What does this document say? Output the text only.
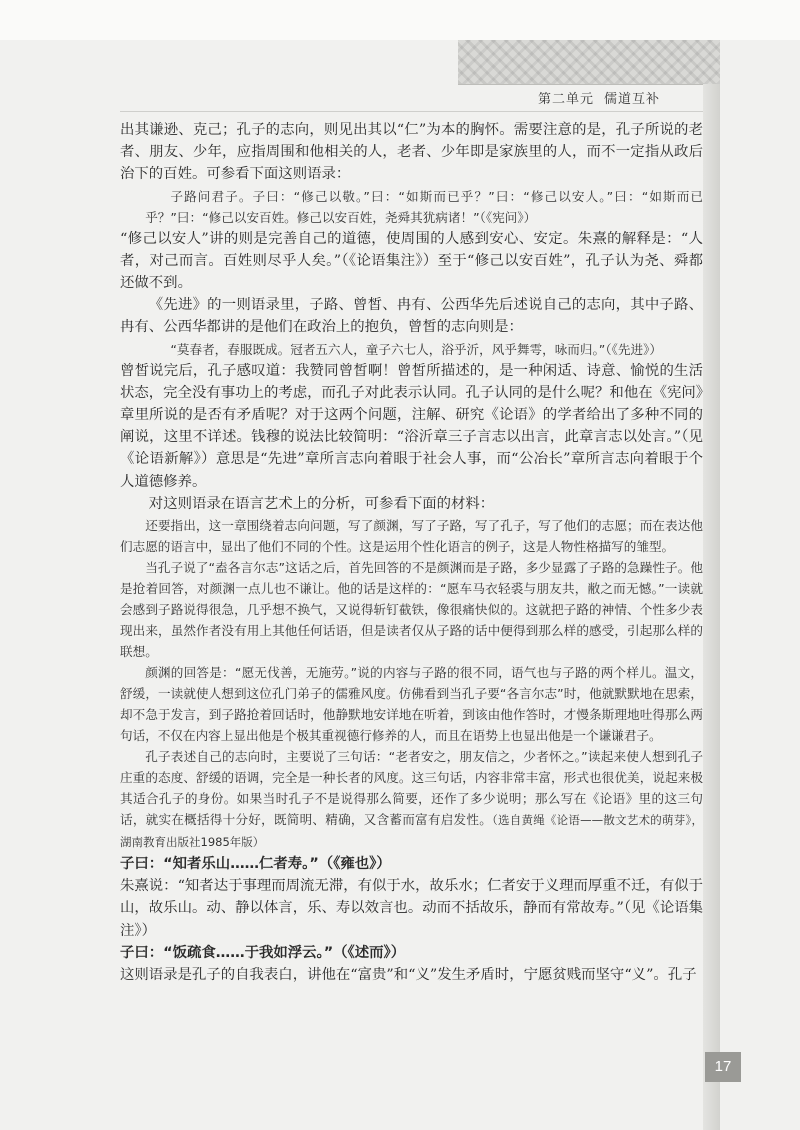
第二单元 儒道互补

出其谦逊、克己；孔子的志向，则见出其以“仁”为本的胸怀。需要注意的是，孔子所说的老者、朋友、少年，应指周围和他相关的人，老者、少年即是家族里的人，而不一定指从政后治下的百姓。可参看下面这则语录：

子路问君子。子曰：“修己以敬。”曰：“如斯而已乎？”曰：“修己以安人。”曰：“如斯而已乎？”曰：“修己以安百姓。修己以安百姓，尧舜其犹病诸！”（《宪问》）

“修己以安人”讲的则是完善自己的道德，使周围的人感到安心、安定。朱熹的解释是：“人者，对己而言。百姓则尽乎人矣。”（《论语集注》）至于“修己以安百姓”，孔子认为尧、舜都还做不到。

《先进》的一则语录里，子路、曾皙、冉有、公西华先后述说自己的志向，其中子路、冉有、公西华都讲的是他们在政治上的抱负，曾皙的志向则是：

“莫春者，春服既成。冠者五六人，童子六七人，浴乎沂，风乎舞雩，咏而归。”（《先进》）

曾皙说完后，孔子感叹道：我赞同曾皙啊！曾皙所描述的，是一种闲适、诗意、愉悦的生活状态，完全没有事功上的考虑，而孔子对此表示认同。孔子认同的是什么呢？和他在《宪问》章里所说的是否有矛盾呢？对于这两个问题，注解、研究《论语》的学者给出了多种不同的阐说，这里不详述。钱穆的说法比较简明：“浴沂章三子言志以出言，此章言志以处言。”（见《论语新解》）意思是“先进”章所言志向着眼于社会人事，而“公冶长”章所言志向着眼于个人道德修养。

对这则语录在语言艺术上的分析，可参看下面的材料：

还要指出，这一章围绕着志向问题，写了颜渊，写了子路，写了孔子，写了他们的志愿；而在表达他们志愿的语言中，显出了他们不同的个性。这是运用个性化语言的例子，这是人物性格描写的雏型。

当孔子说了“盍各言尔志”这话之后，首先回答的不是颜渊而是子路，多少显露了子路的急躁性子。他是抢着回答，对颜渊一点儿也不谦让。他的话是这样的：“愿车马衣轻裘与朋友共，敝之而无憾。”一读就会感到子路说得很急，几乎想不换气，又说得斩钉截铁，像很痛快似的。这就把子路的神情、个性多少表现出来，虽然作者没有用上其他任何话语，但是读者仅从子路的话中便得到那么样的感受，引起那么样的联想。

颜渊的回答是：“愿无伐善，无施劳。”说的内容与子路的很不同，语气也与子路的两个样儿。温文，舒缓，一读就使人想到这位孔门弟子的儒雅风度。仿佛看到当孔子要“各言尔志”时，他就默默地在思索，却不急于发言，到子路抢着回话时，他静默地安详地在听着，到该由他作答时，才慢条斯理地吐得那么两句话，不仅在内容上显出他是个极其重视德行修养的人，而且在语势上也显出他是一个谦谦君子。

孔子表述自己的志向时，主要说了三句话：“老者安之，朋友信之，少者怀之。”读起来使人想到孔子庄重的态度、舒缓的语调，完全是一种长者的风度。这三句话，内容非常丰富，形式也很优美，说起来极其适合孔子的身份。如果当时孔子不是说得那么简要，还作了多少说明；那么写在《论语》里的这三句话，就实在概括得十分好，既简明、精确，又含蓄而富有启发性。（选自黄绳《论语——散文艺术的萌芽》，湖南教育出版社1985年版）

子曰：“知者乐山……仁者寿。”（《雍也》）

朱熹说：“知者达于事理而周流无滞，有似于水，故乐水；仁者安于义理而厚重不迁，有似于山，故乐山。动、静以体言，乐、寿以效言也。动而不括故乐，静而有常故寿。”（见《论语集注》）

子曰：“饭疏食……于我如浮云。”（《述而》）

这则语录是孔子的自我表白，讲他在“富贵”和“义”发生矛盾时，宁愿贫贱而坚守“义”。孔子

17
